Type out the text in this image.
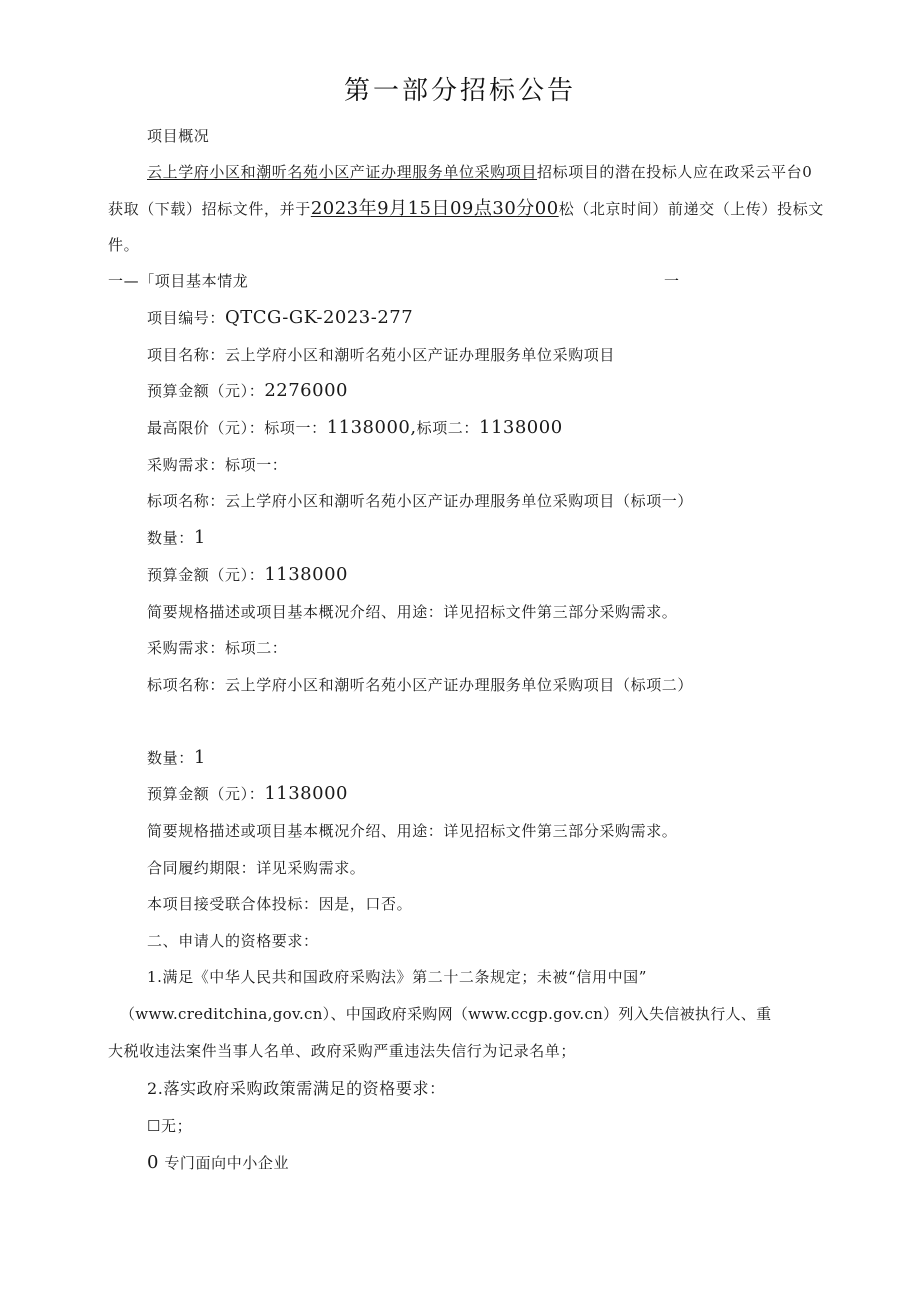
第一部分招标公告
项目概况
云上学府小区和潮听名苑小区产证办理服务单位采购项目招标项目的潜在投标人应在政采云平台0
获取（下载）招标文件，并于2023年9月15日09点30分00松（北京时间）前递交（上传）投标文
件。
一—「项目基本情龙	一
项目编号：QTCG-GK-2023-277
项目名称：云上学府小区和潮听名苑小区产证办理服务单位采购项目
预算金额（元）：2276000
最高限价（元）：标项一：1138000,标项二：1138000
采购需求：标项一：
标项名称：云上学府小区和潮听名苑小区产证办理服务单位采购项目（标项一）
数量：1
预算金额（元）：1138000
简要规格描述或项目基本概况介绍、用途：详见招标文件第三部分采购需求。
采购需求：标项二：
标项名称：云上学府小区和潮听名苑小区产证办理服务单位采购项目（标项二）
数量：1
预算金额（元）：1138000
简要规格描述或项目基本概况介绍、用途：详见招标文件第三部分采购需求。
合同履约期限：详见采购需求。
本项目接受联合体投标：因是，口否。
二、申请人的资格要求：
1.满足《中华人民共和国政府采购法》第二十二条规定；未被“信用中国”
（www.creditchina,gov.cn）、中国政府采购网（www.ccgp.gov.cn）列入失信被执行人、重
大税收违法案件当事人名单、政府采购严重违法失信行为记录名单；
2.落实政府采购政策需满足的资格要求：
☐无；
0 专门面向中小企业
